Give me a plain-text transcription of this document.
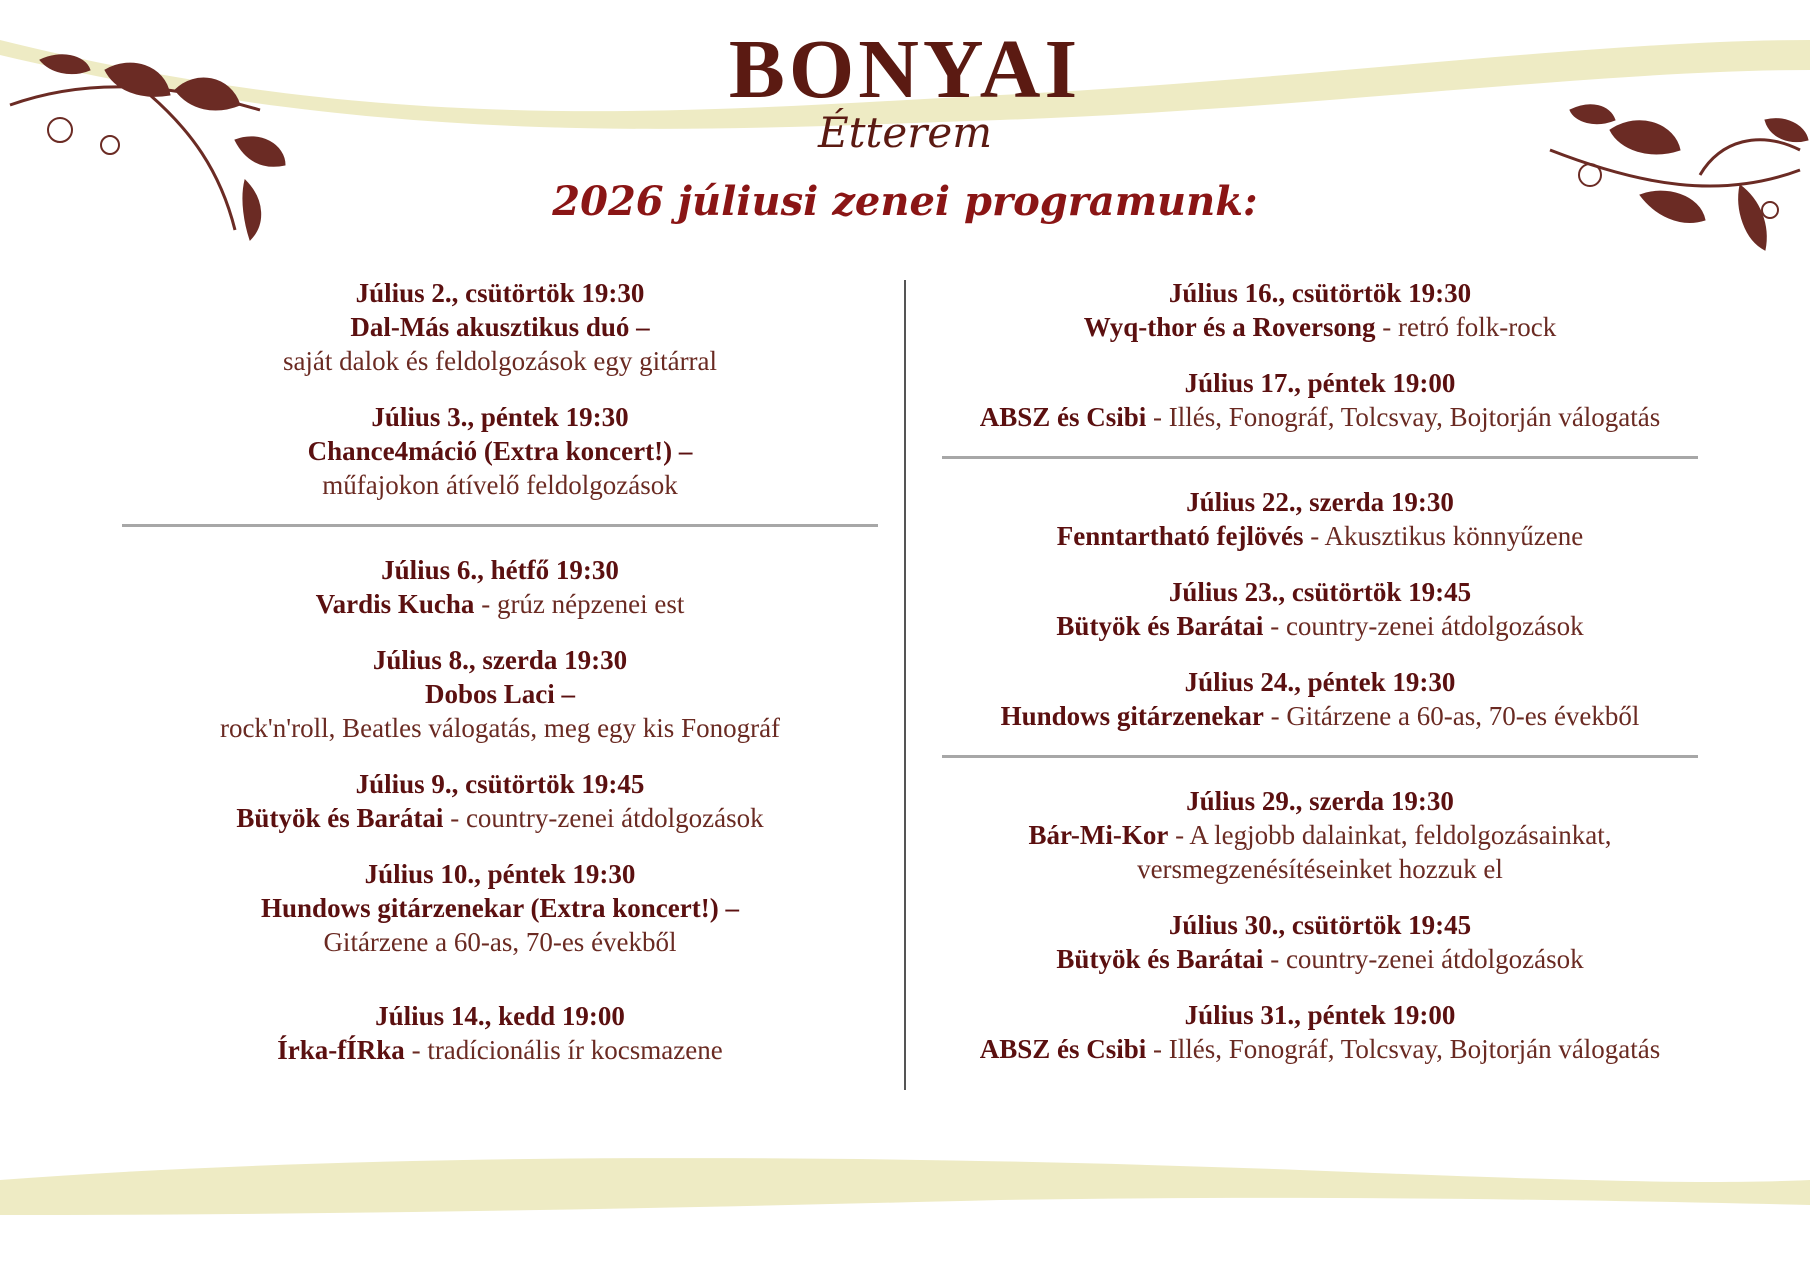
BONYAI
Étterem
2026 júliusi zenei programunk:
Július 2., csütörtök 19:30
Dal-Más akusztikus duó –
saját dalok és feldolgozások egy gitárral
Július 3., péntek 19:30
Chance4máció (Extra koncert!) –
műfajokon átívelő feldolgozások
Július 6., hétfő 19:30
Vardis Kucha - grúz népzenei est
Július 8., szerda 19:30
Dobos Laci –
rock'n'roll, Beatles válogatás, meg egy kis Fonográf
Július 9., csütörtök 19:45
Bütyök és Barátai - country-zenei átdolgozások
Július 10., péntek 19:30
Hundows gitárzenekar (Extra koncert!) –
Gitárzene a 60-as, 70-es évekből
Július 14., kedd 19:00
Írka-fÍRka - tradícionális ír kocsmazene
Július 16., csütörtök 19:30
Wyq-thor és a Roversong - retró folk-rock
Július 17., péntek 19:00
ABSZ és Csibi - Illés, Fonográf, Tolcsvay, Bojtorján válogatás
Július 22., szerda 19:30
Fenntartható fejlövés - Akusztikus könnyűzene
Július 23., csütörtök 19:45
Bütyök és Barátai - country-zenei átdolgozások
Július 24., péntek 19:30
Hundows gitárzenekar - Gitárzene a 60-as, 70-es évekből
Július 29., szerda 19:30
Bár-Mi-Kor - A legjobb dalainkat, feldolgozásainkat,
versmegzenésítéseinket hozzuk el
Július 30., csütörtök 19:45
Bütyök és Barátai - country-zenei átdolgozások
Július 31., péntek 19:00
ABSZ és Csibi - Illés, Fonográf, Tolcsvay, Bojtorján válogatás
